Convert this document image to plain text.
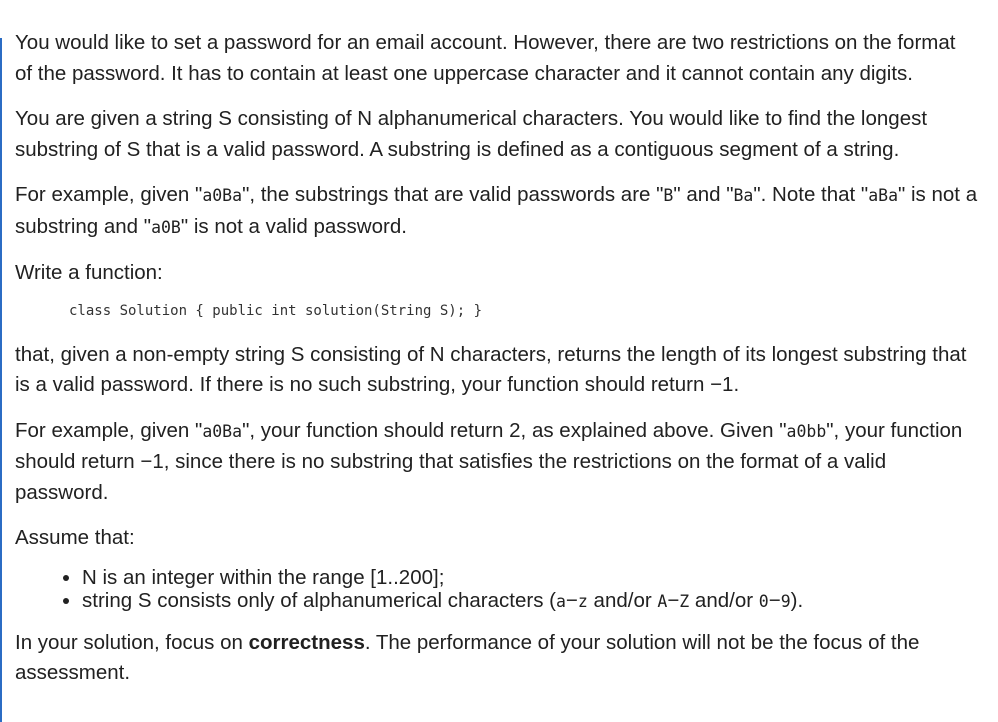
You would like to set a password for an email account. However, there are two restrictions on the format
of the password. It has to contain at least one uppercase character and it cannot contain any digits.

You are given a string S consisting of N alphanumerical characters. You would like to find the longest
substring of S that is a valid password. A substring is defined as a contiguous segment of a string.

For example, given "a0Ba", the substrings that are valid passwords are "B" and "Ba". Note that "aBa" is not a
substring and "a0B" is not a valid password.

Write a function:

class Solution { public int solution(String S); }

that, given a non-empty string S consisting of N characters, returns the length of its longest substring that
is a valid password. If there is no such substring, your function should return −1.

For example, given "a0Ba", your function should return 2, as explained above. Given "a0bb", your function
should return −1, since there is no substring that satisfies the restrictions on the format of a valid
password.

Assume that:

• N is an integer within the range [1..200];
• string S consists only of alphanumerical characters (a−z and/or A−Z and/or 0−9).

In your solution, focus on correctness. The performance of your solution will not be the focus of the
assessment.
